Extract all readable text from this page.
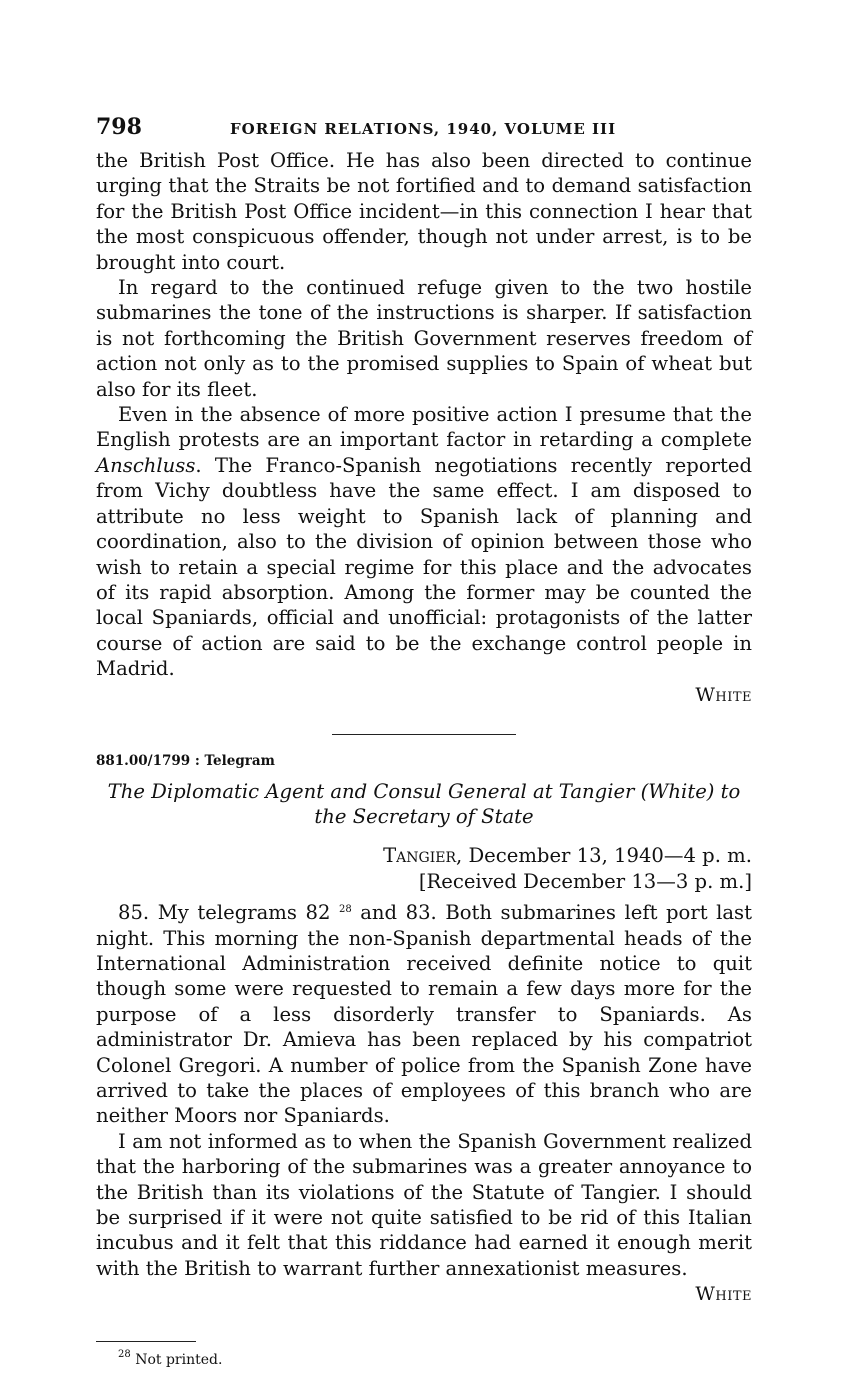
798	FOREIGN RELATIONS, 1940, VOLUME III

the British Post Office. He has also been directed to continue urging that the Straits be not fortified and to demand satisfaction for the British Post Office incident—in this connection I hear that the most conspicuous offender, though not under arrest, is to be brought into court.

In regard to the continued refuge given to the two hostile submarines the tone of the instructions is sharper. If satisfaction is not forthcoming the British Government reserves freedom of action not only as to the promised supplies to Spain of wheat but also for its fleet.

Even in the absence of more positive action I presume that the English protests are an important factor in retarding a complete Anschluss. The Franco-Spanish negotiations recently reported from Vichy doubtless have the same effect. I am disposed to attribute no less weight to Spanish lack of planning and coordination, also to the division of opinion between those who wish to retain a special regime for this place and the advocates of its rapid absorption. Among the former may be counted the local Spaniards, official and unofficial: protagonists of the latter course of action are said to be the exchange control people in Madrid.

White
881.00/1799 : Telegram
The Diplomatic Agent and Consul General at Tangier (White) to the Secretary of State
Tangier, December 13, 1940—4 p. m.
[Received December 13—3 p. m.]

85. My telegrams 82 $^{28}$ and 83. Both submarines left port last night. This morning the non-Spanish departmental heads of the International Administration received definite notice to quit though some were requested to remain a few days more for the purpose of a less disorderly transfer to Spaniards. As administrator Dr. Amieva has been replaced by his compatriot Colonel Gregori. A number of police from the Spanish Zone have arrived to take the places of employees of this branch who are neither Moors nor Spaniards.

I am not informed as to when the Spanish Government realized that the harboring of the submarines was a greater annoyance to the British than its violations of the Statute of Tangier. I should be surprised if it were not quite satisfied to be rid of this Italian incubus and it felt that this riddance had earned it enough merit with the British to warrant further annexationist measures.

White
$^{28}$ Not printed.
